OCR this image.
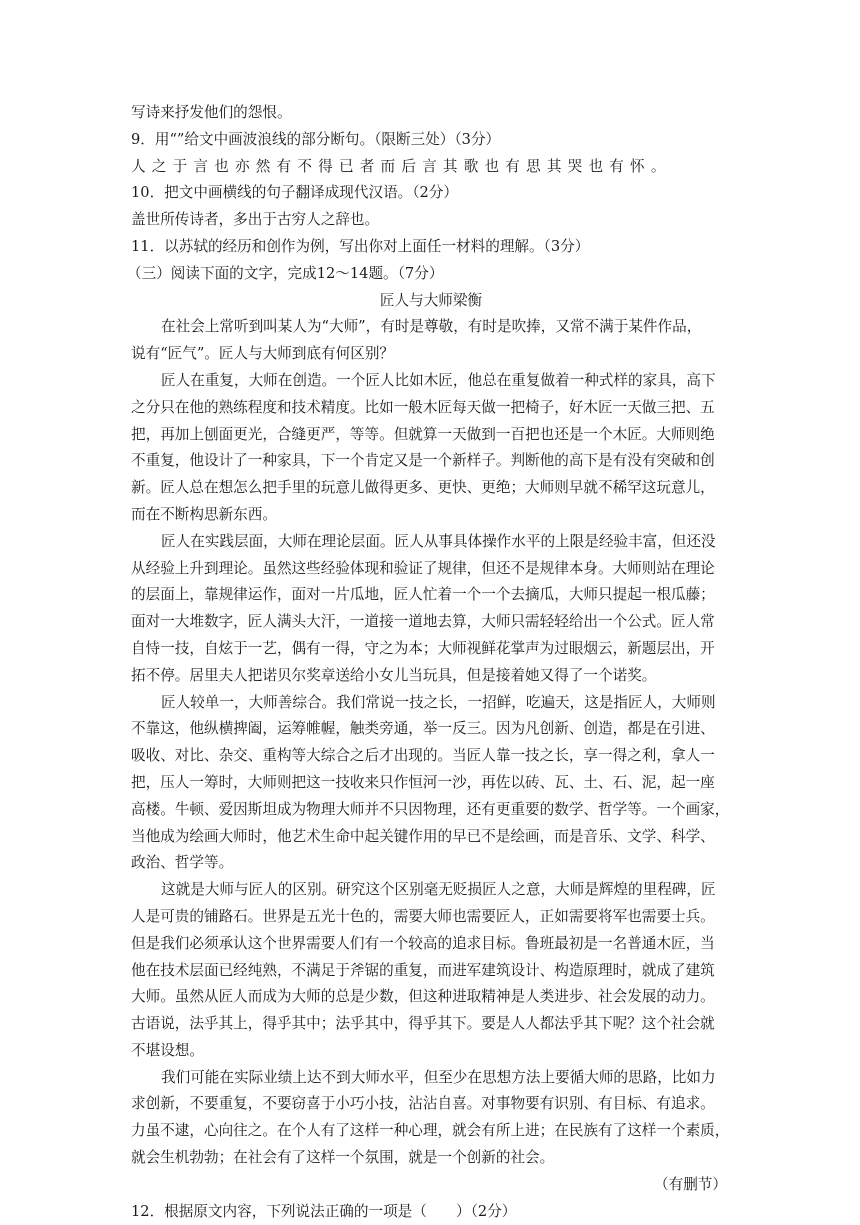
写诗来抒发他们的怨恨。
9．用“”给文中画波浪线的部分断句。（限断三处）（3分）
人之于言也亦然有不得已者而后言其歌也有思其哭也有怀。
10．把文中画横线的句子翻译成现代汉语。（2分）
盖世所传诗者，多出于古穷人之辞也。
11．以苏轼的经历和创作为例，写出你对上面任一材料的理解。（3分）
（三）阅读下面的文字，完成12～14题。（7分）
匠人与大师梁衡
在社会上常听到叫某人为“大师”，有时是尊敬，有时是吹捧，又常不满于某件作品，
说有“匠气”。匠人与大师到底有何区别？
匠人在重复，大师在创造。一个匠人比如木匠，他总在重复做着一种式样的家具，高下
之分只在他的熟练程度和技术精度。比如一般木匠每天做一把椅子，好木匠一天做三把、五
把，再加上刨面更光，合缝更严，等等。但就算一天做到一百把也还是一个木匠。大师则绝
不重复，他设计了一种家具，下一个肯定又是一个新样子。判断他的高下是有没有突破和创
新。匠人总在想怎么把手里的玩意儿做得更多、更快、更绝；大师则早就不稀罕这玩意儿，
而在不断构思新东西。
匠人在实践层面，大师在理论层面。匠人从事具体操作水平的上限是经验丰富，但还没
从经验上升到理论。虽然这些经验体现和验证了规律，但还不是规律本身。大师则站在理论
的层面上，靠规律运作，面对一片瓜地，匠人忙着一个一个去摘瓜，大师只提起一根瓜藤；
面对一大堆数字，匠人满头大汗，一道接一道地去算，大师只需轻轻给出一个公式。匠人常
自恃一技，自炫于一艺，偶有一得，守之为本；大师视鲜花掌声为过眼烟云，新题层出，开
拓不停。居里夫人把诺贝尔奖章送给小女儿当玩具，但是接着她又得了一个诺奖。
匠人较单一，大师善综合。我们常说一技之长，一招鲜，吃遍天，这是指匠人，大师则
不靠这，他纵横捭阖，运筹帷幄，触类旁通，举一反三。因为凡创新、创造，都是在引进、
吸收、对比、杂交、重构等大综合之后才出现的。当匠人靠一技之长，享一得之利，拿人一
把，压人一筹时，大师则把这一技收来只作恒河一沙，再佐以砖、瓦、土、石、泥，起一座
高楼。牛顿、爱因斯坦成为物理大师并不只因物理，还有更重要的数学、哲学等。一个画家，
当他成为绘画大师时，他艺术生命中起关键作用的早已不是绘画，而是音乐、文学、科学、
政治、哲学等。
这就是大师与匠人的区别。研究这个区别毫无贬损匠人之意，大师是辉煌的里程碑，匠
人是可贵的铺路石。世界是五光十色的，需要大师也需要匠人，正如需要将军也需要士兵。
但是我们必须承认这个世界需要人们有一个较高的追求目标。鲁班最初是一名普通木匠，当
他在技术层面已经纯熟，不满足于斧锯的重复，而进军建筑设计、构造原理时，就成了建筑
大师。虽然从匠人而成为大师的总是少数，但这种进取精神是人类进步、社会发展的动力。
古语说，法乎其上，得乎其中；法乎其中，得乎其下。要是人人都法乎其下呢？这个社会就
不堪设想。
我们可能在实际业绩上达不到大师水平，但至少在思想方法上要循大师的思路，比如力
求创新，不要重复，不要窃喜于小巧小技，沾沾自喜。对事物要有识别、有目标、有追求。
力虽不逮，心向往之。在个人有了这样一种心理，就会有所上进；在民族有了这样一个素质，
就会生机勃勃；在社会有了这样一个氛围，就是一个创新的社会。
（有删节）
12．根据原文内容，下列说法正确的一项是（　　）（2分）
